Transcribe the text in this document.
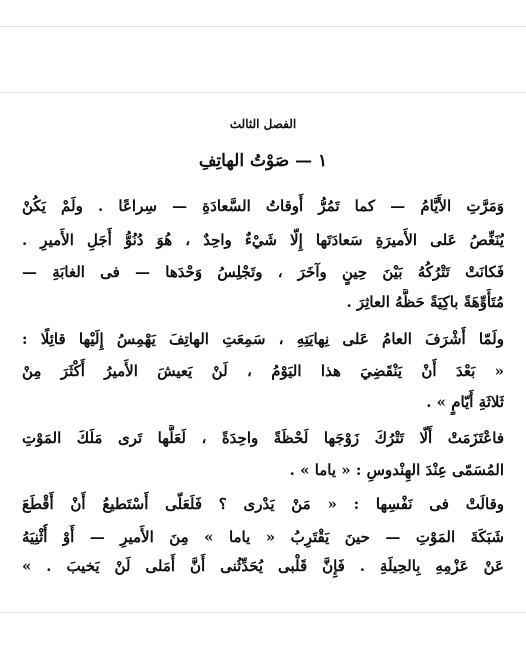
الفصل الثالث
١ — صَوْتُ الهاتِفِ
وَمَرَّتِ الأَيَّامُ — كما تَمُرُّ أَوقاتُ السَّعادَةِ — سِراعًا . ولَمْ يَكُنْ
يُنَغِّصُ عَلى الأَميرَةِ سَعادَتَها إِلّا شَيْءٌ واحِدٌ ، هُوَ دُنُوُّ أَجَلِ الأَميرِ .
فَكانَتْ تَتْرُكُهُ بَيْنَ حِينٍ وآخَرَ ، وتَجْلِسُ وَحْدَها — فى الغابَةِ —
مُتَأَوِّهَةً باكِيَةً حَظَّهُ العاثِرَ .
ولَمّا أَشْرَفَ العامُ عَلى نِهايَتِهِ ، سَمِعَتِ الهاتِفَ يَهْمِسُ إِلَيْها قائِلًا :
« بَعْدَ أَنْ يَنْقَضِيَ هذا اليَوْمُ ، لَنْ يَعيشَ الأَميرُ أَكْثَرَ مِنْ
ثَلاثَةِ أَيّامٍ » .
فاعْتَزَمَتْ أَلّا تَتْرُكَ زَوْجَها لَحْظَةً واحِدَةً ، لَعَلَّها تَرى مَلَكَ المَوْتِ
المُسَمّى عِنْدَ الهِنْدوسِ : « ياما » .
وقالَتْ فى نَفْسِها : « مَنْ يَدْرى ؟ فَلَعَلّى أَسْتَطيعُ أَنْ أَقْطَعَ
شَبَكَةَ المَوْتِ — حينَ يَقْتَرِبُ « ياما » مِنَ الأَميرِ — أَوْ أُثْنِيَهُ
عَنْ عَزْمِهِ بِالحِيلَةِ . فَإِنَّ قَلْبى يُحَدِّثُنى أَنَّ أَمَلى لَنْ يَخيبَ . »
